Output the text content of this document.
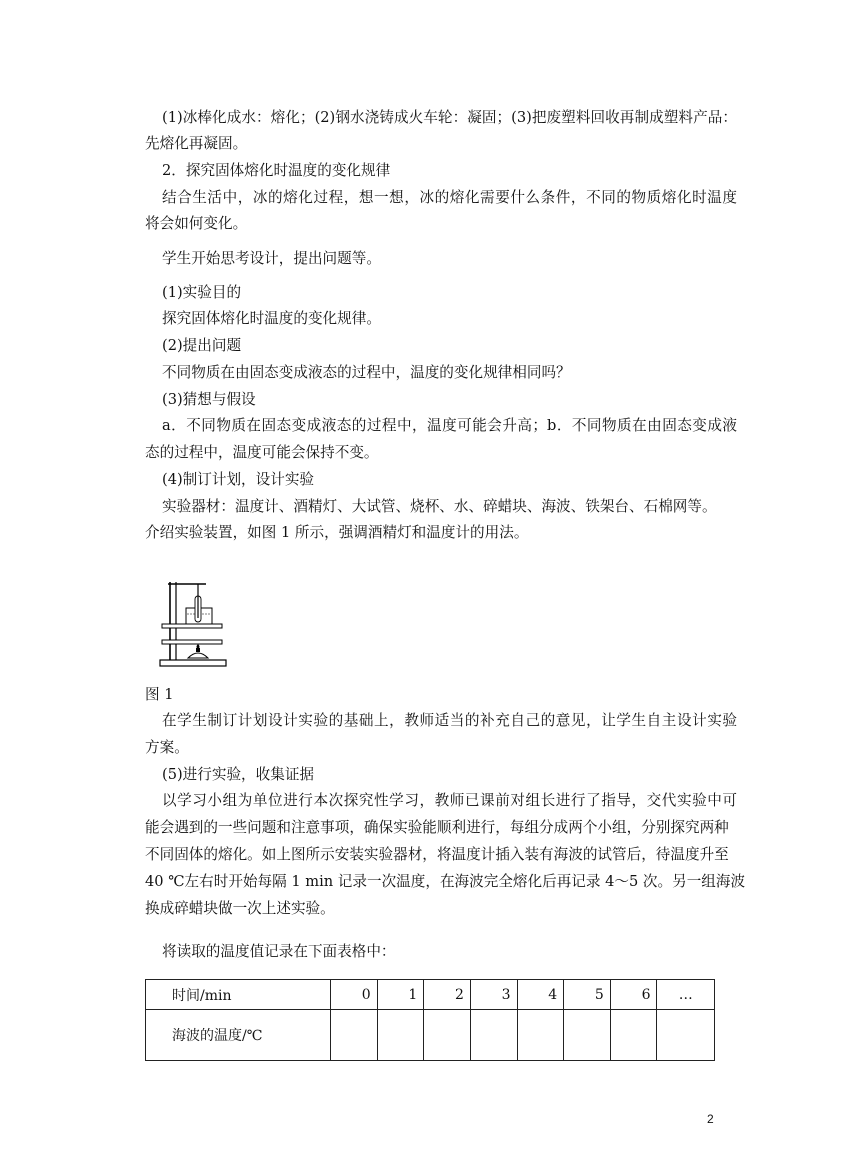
(1)冰棒化成水：熔化；(2)钢水浇铸成火车轮：凝固；(3)把废塑料回收再制成塑料产品：
先熔化再凝固。
2．探究固体熔化时温度的变化规律
结合生活中，冰的熔化过程，想一想，冰的熔化需要什么条件，不同的物质熔化时温度
将会如何变化。
学生开始思考设计，提出问题等。
(1)实验目的
探究固体熔化时温度的变化规律。
(2)提出问题
不同物质在由固态变成液态的过程中，温度的变化规律相同吗？
(3)猜想与假设
a．不同物质在固态变成液态的过程中，温度可能会升高；b．不同物质在由固态变成液
态的过程中，温度可能会保持不变。
(4)制订计划，设计实验
实验器材：温度计、酒精灯、大试管、烧杯、水、碎蜡块、海波、铁架台、石棉网等。
介绍实验装置，如图 1 所示，强调酒精灯和温度计的用法。
图 1
在学生制订计划设计实验的基础上，教师适当的补充自己的意见，让学生自主设计实验
方案。
(5)进行实验，收集证据
以学习小组为单位进行本次探究性学习，教师已课前对组长进行了指导，交代实验中可
能会遇到的一些问题和注意事项，确保实验能顺利进行，每组分成两个小组，分别探究两种
不同固体的熔化。如上图所示安装实验器材，将温度计插入装有海波的试管后，待温度升至
40 ℃左右时开始每隔 1 min 记录一次温度，在海波完全熔化后再记录 4～5 次。另一组海波
换成碎蜡块做一次上述实验。
将读取的温度值记录在下面表格中：
时间/min	0	1	2	3	4	5	6	…
海波的温度/℃								
2
